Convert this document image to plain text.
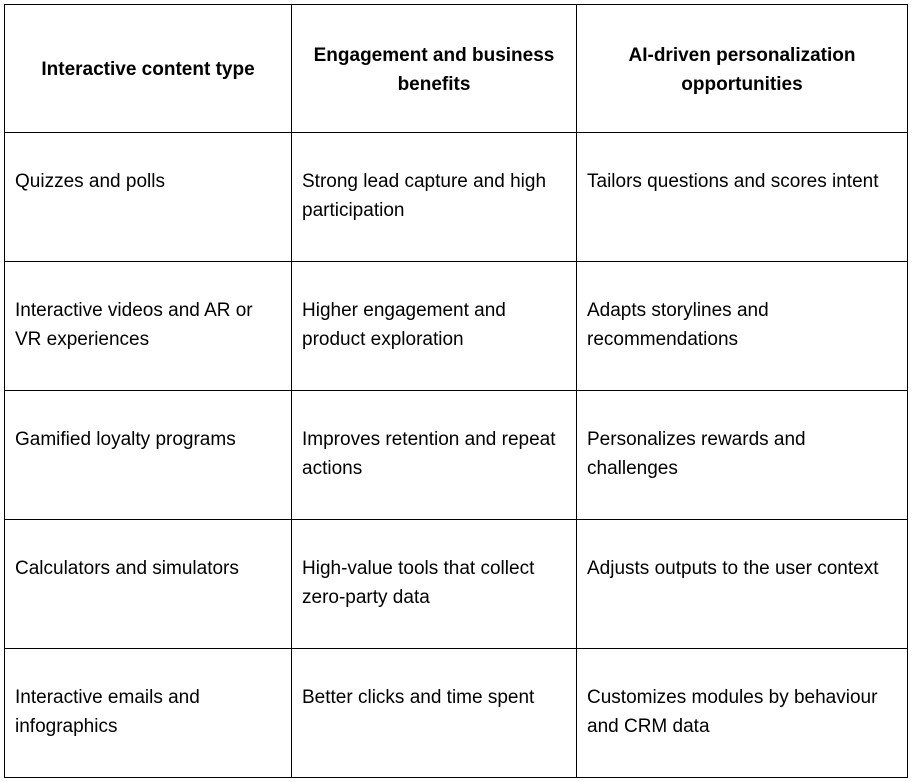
Interactive content type	Engagement and business benefits	AI-driven personalization opportunities
Quizzes and polls	Strong lead capture and high participation	Tailors questions and scores intent
Interactive videos and AR or VR experiences	Higher engagement and product exploration	Adapts storylines and recommendations
Gamified loyalty programs	Improves retention and repeat actions	Personalizes rewards and challenges
Calculators and simulators	High-value tools that collect zero-party data	Adjusts outputs to the user context
Interactive emails and infographics	Better clicks and time spent	Customizes modules by behaviour and CRM data
